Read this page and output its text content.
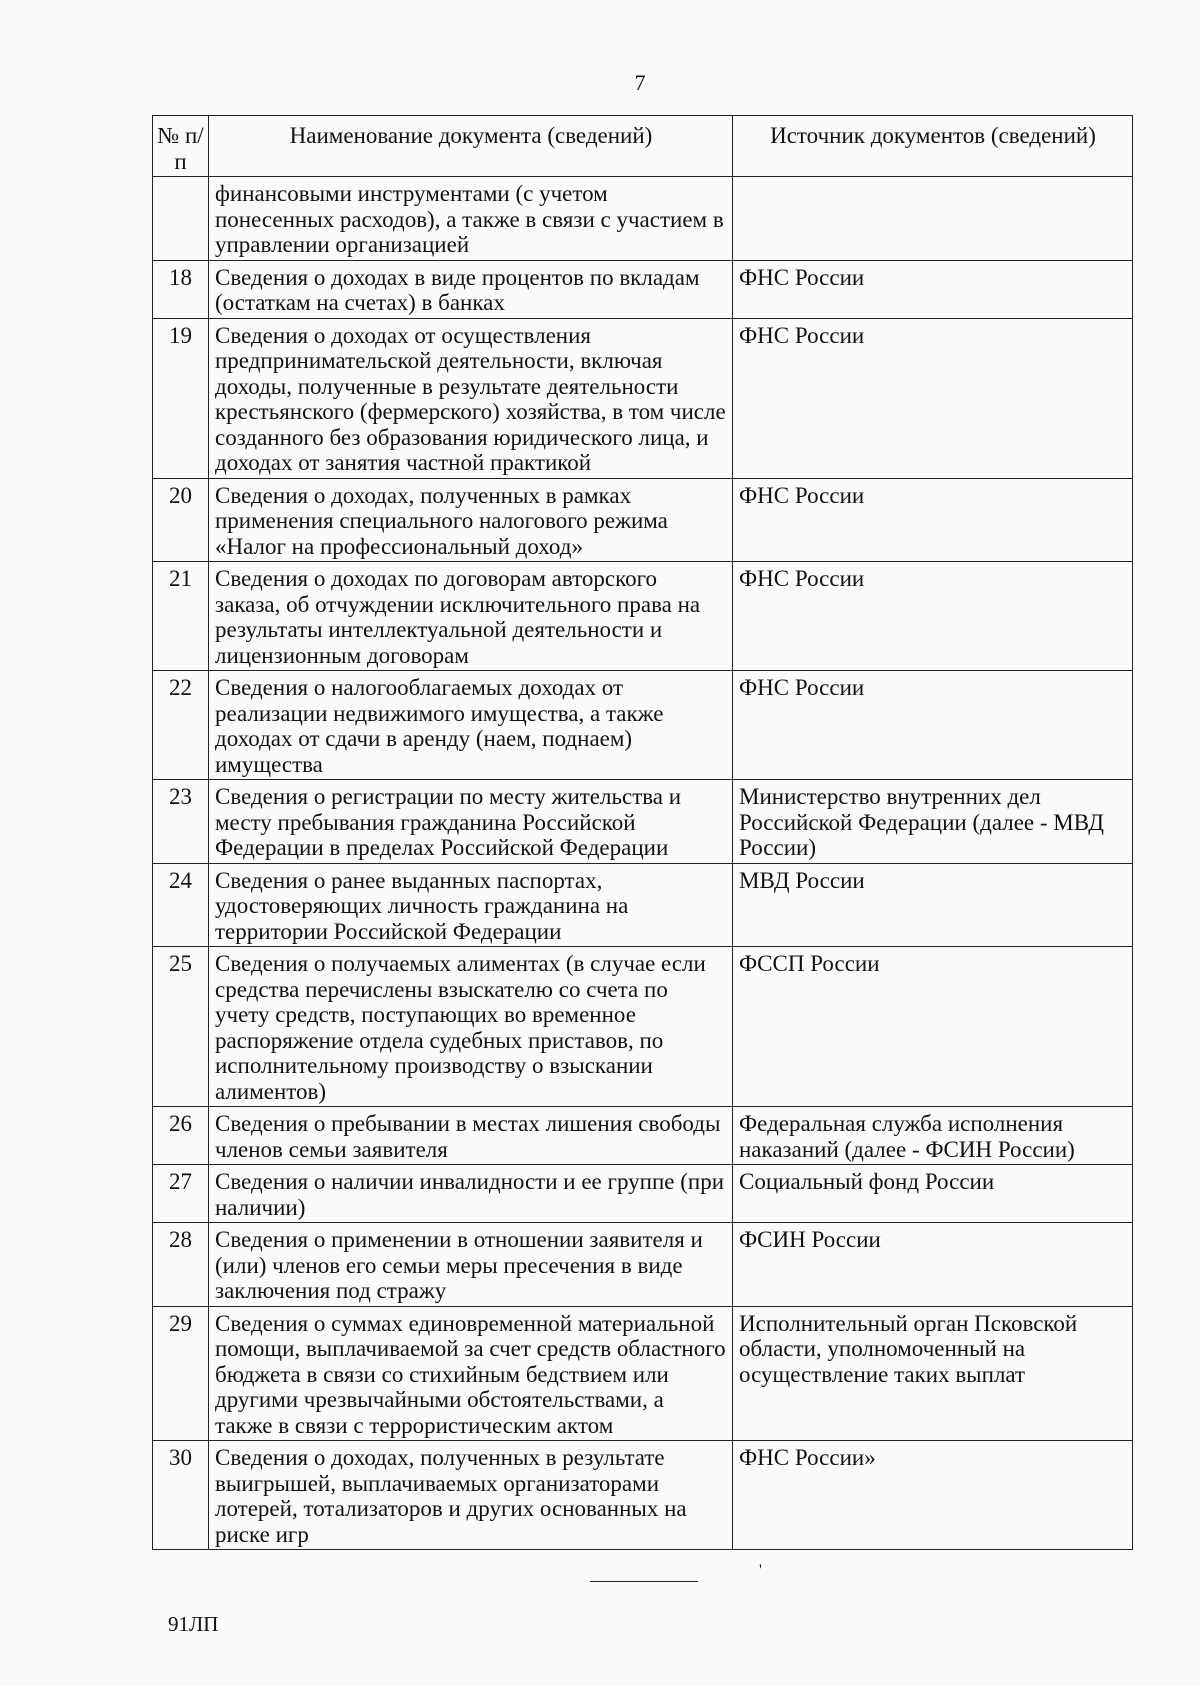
7
№ п/п	Наименование документа (сведений)	Источник документов (сведений)
	финансовыми инструментами (с учетом понесенных расходов), а также в связи с участием в управлении организацией	
18	Сведения о доходах в виде процентов по вкладам (остаткам на счетах) в банках	ФНС России
19	Сведения о доходах от осуществления предпринимательской деятельности, включая доходы, полученные в результате деятельности крестьянского (фермерского) хозяйства, в том числе созданного без образования юридического лица, и доходах от занятия частной практикой	ФНС России
20	Сведения о доходах, полученных в рамках применения специального налогового режима «Налог на профессиональный доход»	ФНС России
21	Сведения о доходах по договорам авторского заказа, об отчуждении исключительного права на результаты интеллектуальной деятельности и лицензионным договорам	ФНС России
22	Сведения о налогооблагаемых доходах от реализации недвижимого имущества, а также доходах от сдачи в аренду (наем, поднаем) имущества	ФНС России
23	Сведения о регистрации по месту жительства и месту пребывания гражданина Российской Федерации в пределах Российской Федерации	Министерство внутренних дел Российской Федерации (далее - МВД России)
24	Сведения о ранее выданных паспортах, удостоверяющих личность гражданина на территории Российской Федерации	МВД России
25	Сведения о получаемых алиментах (в случае если средства перечислены взыскателю со счета по учету средств, поступающих во временное распоряжение отдела судебных приставов, по исполнительному производству о взыскании алиментов)	ФССП России
26	Сведения о пребывании в местах лишения свободы членов семьи заявителя	Федеральная служба исполнения наказаний (далее - ФСИН России)
27	Сведения о наличии инвалидности и ее группе (при наличии)	Социальный фонд России
28	Сведения о применении в отношении заявителя и (или) членов его семьи меры пресечения в виде заключения под стражу	ФСИН России
29	Сведения о суммах единовременной материальной помощи, выплачиваемой за счет средств областного бюджета в связи со стихийным бедствием или другими чрезвычайными обстоятельствами, а также в связи с террористическим актом	Исполнительный орган Псковской области, уполномоченный на осуществление таких выплат
30	Сведения о доходах, полученных в результате выигрышей, выплачиваемых организаторами лотерей, тотализаторов и других основанных на риске игр	ФНС России»
'
91ЛП
